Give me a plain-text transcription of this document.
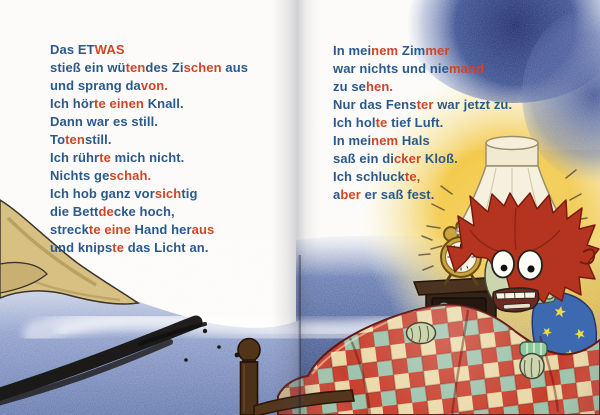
Das ETWAS
stieß ein wütendes Zischen aus
und sprang davon.
Ich hörte einen Knall.
Dann war es still.
Totenstill.
Ich rührte mich nicht.
Nichts geschah.
Ich hob ganz vorsichtig
die Bettdecke hoch,
streckte eine Hand heraus
und knipste das Licht an.
In meinem Zimmer
war nichts und niemand
zu sehen.
Nur das Fenster war jetzt zu.
Ich holte tief Luft.
In meinem Hals
saß ein dicker Kloß.
Ich schluckte,
aber er saß fest.
